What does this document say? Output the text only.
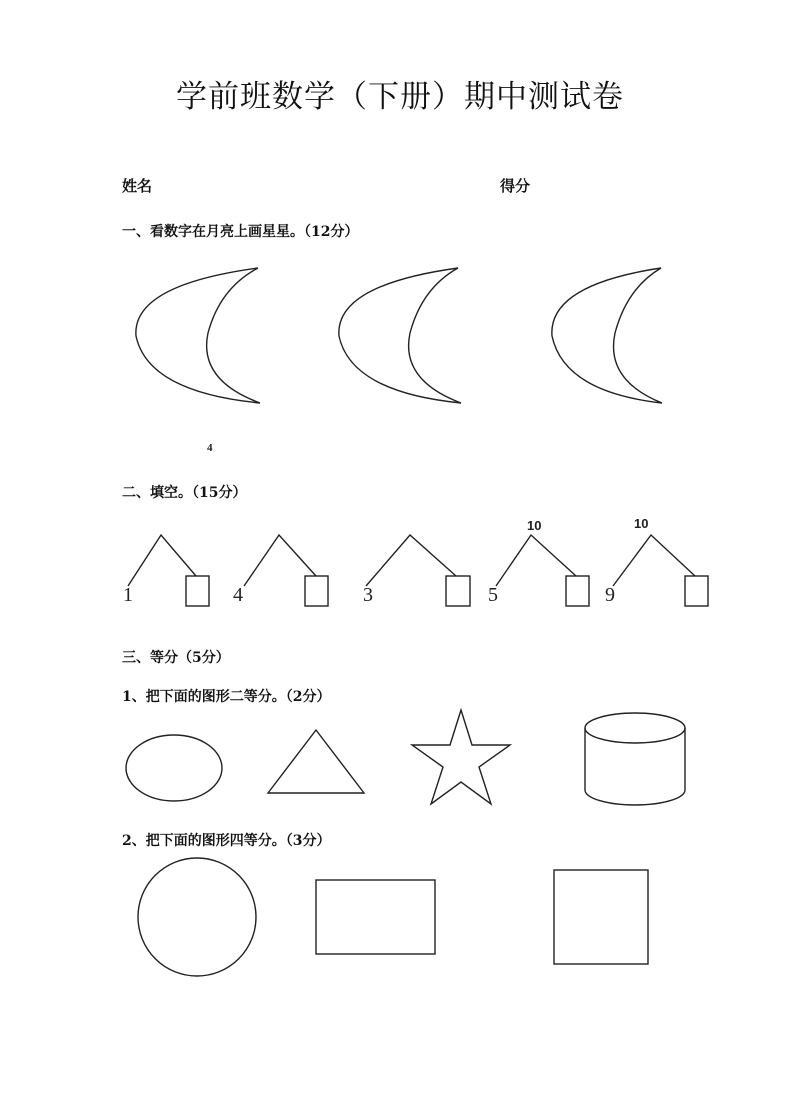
学前班数学（下册）期中测试卷
姓名	得分
一、看数字在月亮上画星星。（12分）
二、填空。（15分）
三、等分（5分）
1、把下面的图形二等分。（2分）
2、把下面的图形四等分。（3分）
4
10	10
1	4	3	5	9
